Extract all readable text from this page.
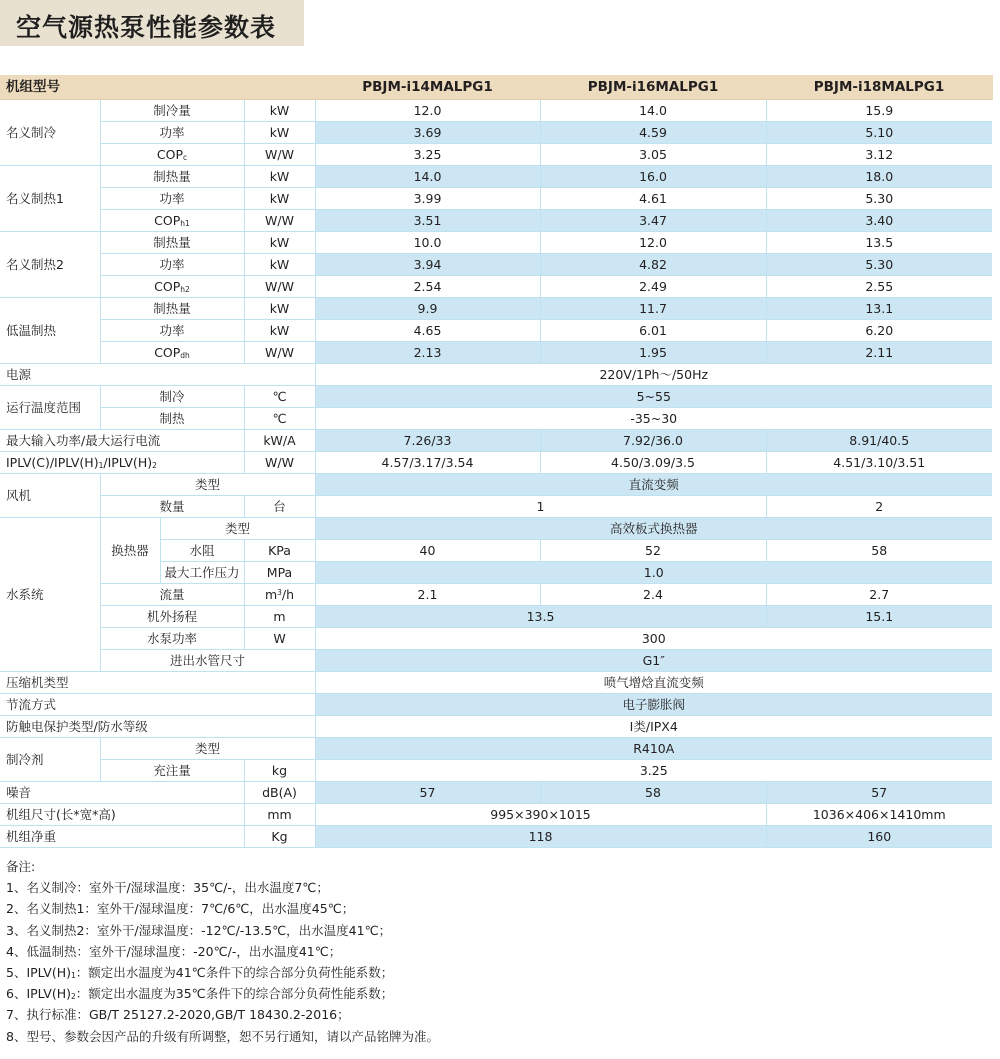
空气源热泵性能参数表
机组型号				PBJM-i14MALPG1	PBJM-i16MALPG1	PBJM-i18MALPG1
名义制冷	制冷量		kW	12.0	14.0	15.9
	功率		kW	3.69	4.59	5.10
	$COP_c$		W/W	3.25	3.05	3.12
名义制热1	制热量		kW	14.0	16.0	18.0
	功率		kW	3.99	4.61	5.30
	$COP_{h1}$		W/W	3.51	3.47	3.40
名义制热2	制热量		kW	10.0	12.0	13.5
	功率		kW	3.94	4.82	5.30
	$COP_{h2}$		W/W	2.54	2.49	2.55
低温制热	制热量		kW	9.9	11.7	13.1
	功率		kW	4.65	6.01	6.20
	$COP_{dh}$		W/W	2.13	1.95	2.11
电源				220V/1Ph～/50Hz		
运行温度范围	制冷		℃	5~55		
	制热		℃	-35~30		
最大输入功率/最大运行电流			kW/A	7.26/33	7.92/36.0	8.91/40.5
$IPLV(C)/IPLV(H)_1/IPLV(H)_2$			W/W	4.57/3.17/3.54	4.50/3.09/3.5	4.51/3.10/3.51
风机	类型			直流变频		
	数量		台	1		2
水系统	换热器	类型		高效板式换热器		
		水阻	KPa	40	52	58
		最大工作压力	MPa	1.0		
	流量		$m^3/h$	2.1	2.4	2.7
	机外扬程		m	13.5		15.1
	水泵功率		W	300		
	进出水管尺寸			G1″		
压缩机类型				喷气增焓直流变频		
节流方式				电子膨胀阀		
防触电保护类型/防水等级				I类/IPX4		
制冷剂	类型			R410A		
	充注量		kg	3.25		
噪音			dB(A)	57	58	57
机组尺寸(长*宽*高)			mm	995×390×1015		1036×406×1410mm
机组净重			Kg	118		160
备注:
1、名义制冷：室外干/湿球温度：35℃/-，出水温度7℃；
2、名义制热1：室外干/湿球温度：7℃/6℃，出水温度45℃；
3、名义制热2：室外干/湿球温度：-12℃/-13.5℃，出水温度41℃；
4、低温制热：室外干/湿球温度：-20℃/-，出水温度41℃；
5、$IPLV(H)_1$：额定出水温度为41℃条件下的综合部分负荷性能系数；
6、$IPLV(H)_2$：额定出水温度为35℃条件下的综合部分负荷性能系数；
7、执行标准：GB/T 25127.2-2020,GB/T 18430.2-2016；
8、型号、参数会因产品的升级有所调整，恕不另行通知，请以产品铭牌为准。
